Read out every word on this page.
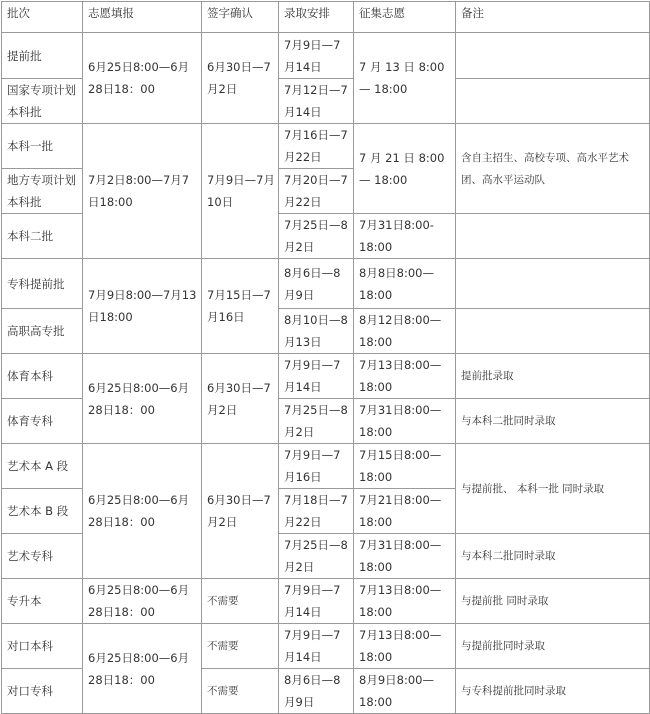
批次	志愿填报	签字确认	录取安排	征集志愿	备注
提前批	6月25日8:00—6月28日18：00	6月30日—7月2日	7月9日—7月14日	7 月 13 日 8:00 — 18:00	
国家专项计划本科批			7月12日—7月14日		
本科一批	7月2日8:00—7月7日18:00	7月9日—7月10日	7月16日—7月22日	7 月 21 日 8:00 — 18:00	含自主招生、高校专项、高水平艺术团、高水平运动队
地方专项计划本科批			7月20日—7月22日		
本科二批			7月25日—8月2日	7月31日8:00-18:00	
专科提前批	7月9日8:00—7月13日18:00	7月15日—7月16日	8月6日—8月9日	8月8日8:00—18:00	
高职高专批			8月10日—8月13日	8月12日8:00—18:00	
体育本科	6月25日8:00—6月28日18：00	6月30日—7月2日	7月9日—7月14日	7月13日8:00—18:00	提前批录取
体育专科			7月25日—8月2日	7月31日8:00—18:00	与本科二批同时录取
艺术本 A 段	6月25日8:00—6月28日18：00	6月30日—7月2日	7月9日—7月16日	7月15日8:00—18:00	与提前批、 本科一批 同时录取
艺术本 B 段			7月18日—7月22日	7月21日8:00—18:00	
艺术专科			7月25日—8月2日	7月31日8:00—18:00	与本科二批同时录取
专升本	6月25日8:00—6月28日18：00	不需要	7月9日—7月14日	7月13日8:00—18:00	与提前批 同时录取
对口本科	6月25日8:00—6月28日18：00	不需要	7月9日—7月14日	7月13日8:00—18:00	与提前批同时录取
对口专科		不需要	8月6日—8月9日	8月9日8:00—18:00	与专科提前批同时录取
